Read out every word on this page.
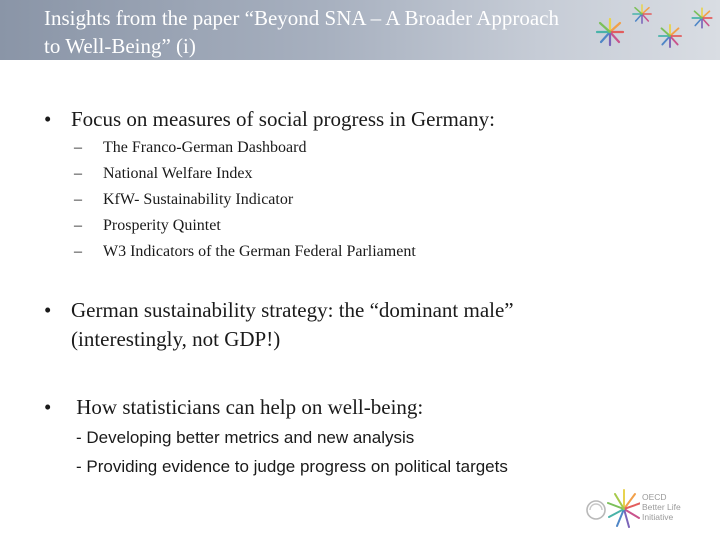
Insights from the paper “Beyond SNA – A Broader Approach
to Well-Being” (i)
• Focus on measures of social progress in Germany:
– The Franco-German Dashboard
– National Welfare Index
– KfW- Sustainability Indicator
– Prosperity Quintet
– W3 Indicators of the German Federal Parliament
• German sustainability strategy: the “dominant male”
(interestingly, not GDP!)
• How statisticians can help on well-being:
- Developing better metrics and new analysis
- Providing evidence to judge progress on political targets
OECD
Better Life
Initiative
